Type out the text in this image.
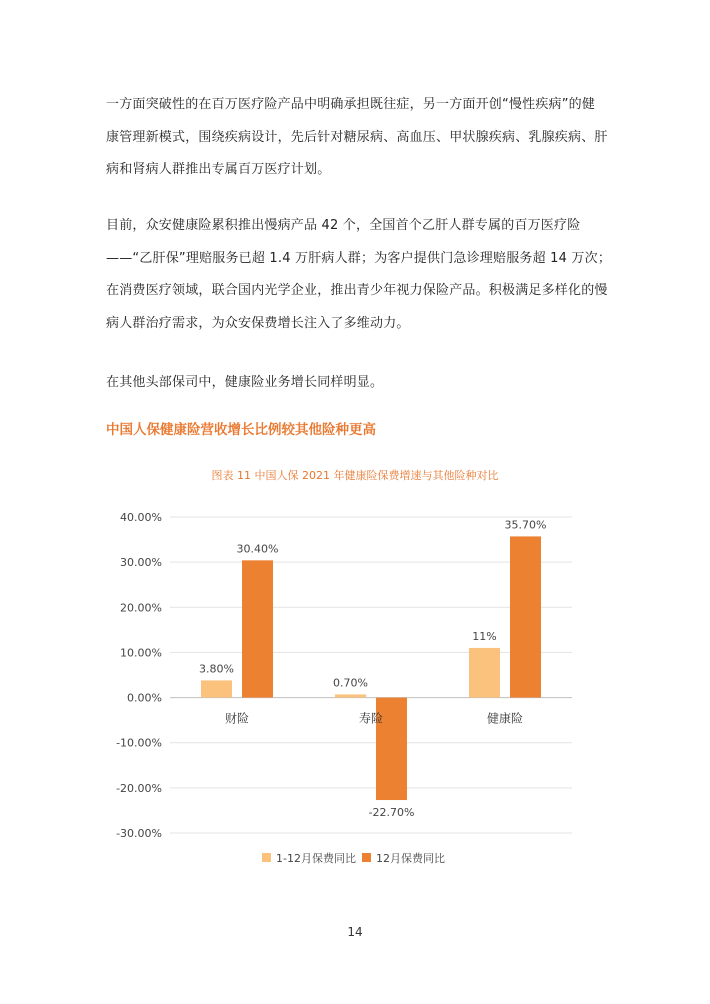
一方面突破性的在百万医疗险产品中明确承担既往症，另一方面开创“慢性疾病”的健
康管理新模式，围绕疾病设计，先后针对糖尿病、高血压、甲状腺疾病、乳腺疾病、肝
病和肾病人群推出专属百万医疗计划。
目前，众安健康险累积推出慢病产品 42 个，全国首个乙肝人群专属的百万医疗险
——“乙肝保”理赔服务已超 1.4 万肝病人群；为客户提供门急诊理赔服务超 14 万次；
在消费医疗领域，联合国内光学企业，推出青少年视力保险产品。积极满足多样化的慢
病人群治疗需求，为众安保费增长注入了多维动力。
在其他头部保司中，健康险业务增长同样明显。
中国人保健康险营收增长比例较其他险种更高
图表 11 中国人保 2021 年健康险保费增速与其他险种对比
40.00%
30.00%
20.00%
10.00%
0.00%
-10.00%
-20.00%
-30.00%
3.80%
30.40%
财险
0.70%
-22.70%
寿险
11%
35.70%
健康险
1-12月保费同比 12月保费同比
14
